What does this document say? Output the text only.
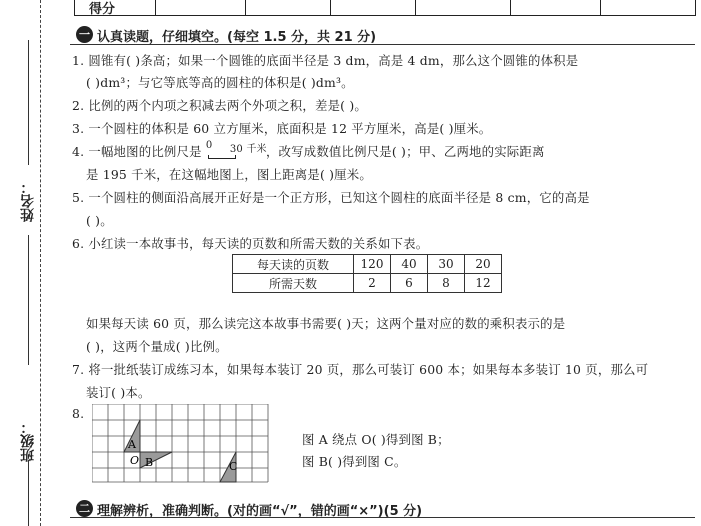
得分
姓名：
班级：
一 认真读题，仔细填空。(每空 1.5 分，共 21 分)
1. 圆锥有( )条高；如果一个圆锥的底面半径是 3 dm，高是 4 dm，那么这个圆锥的体积是
( )dm³；与它等底等高的圆柱的体积是( )dm³。
2. 比例的两个内项之积减去两个外项之积，差是( )。
3. 一个圆柱的体积是 60 立方厘米，底面积是 12 平方厘米，高是( )厘米。
4. 一幅地图的比例尺是 0 30 千米 ，改写成数值比例尺是( )；甲、乙两地的实际距离
是 195 千米，在这幅地图上，图上距离是( )厘米。
5. 一个圆柱的侧面沿高展开正好是一个正方形，已知这个圆柱的底面半径是 8 cm，它的高是
( )。
6. 小红读一本故事书，每天读的页数和所需天数的关系如下表。
每天读的页数	120	40	30	20
所需天数	2	6	8	12
如果每天读 60 页，那么读完这本故事书需要( )天；这两个量对应的数的乘积表示的是
( )，这两个量成( )比例。
7. 将一批纸装订成练习本，如果每本装订 20 页，那么可装订 600 本；如果每本多装订 10 页，那么可
装订( )本。
8.
A
O B	C
图 A 绕点 O( )得到图 B；
图 B( )得到图 C。
二 理解辨析，准确判断。(对的画“√”，错的画“×”)(5 分)
